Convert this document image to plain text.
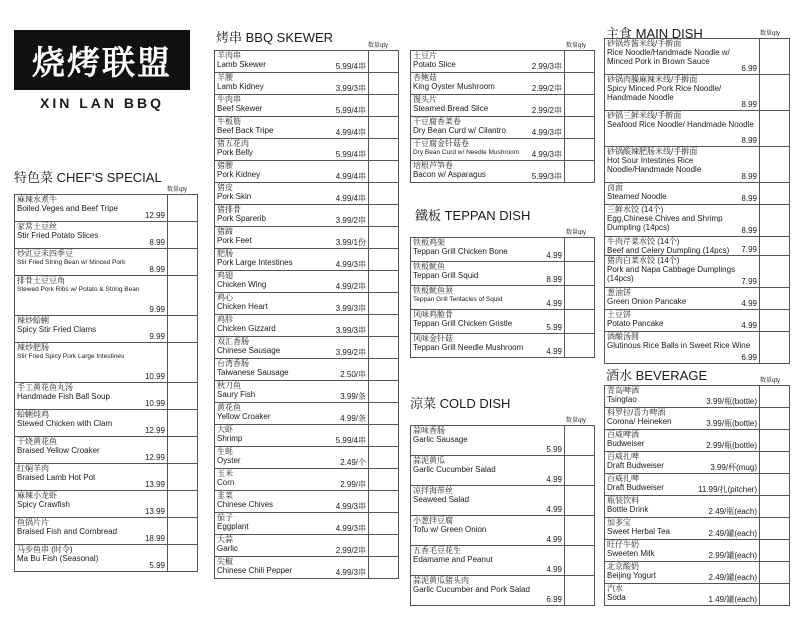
烧烤联盟
XIN LAN BBQ
特色菜 CHEF'S SPECIAL
数量qty
麻辣水煮牛
Boiled Veges and Beef Tripe
12.99	

家常土豆丝
Stir Fried Potato Slices
8.99	

炒豇豆末四季豆
Stir Fried String Bean w/ Minced Pork
8.99	

排骨土豆豆角
Stewed Pork Ribs w/ Potato & String Bean
9.99	

辣炒蛤蜊
Spicy Stir Fried Clams
9.99	

辣炒肥肠
Stir Fried Spicy Pork Large Intestines
10.99	

手工黄花鱼丸汤
Handmade Fish Ball Soup
10.99	

蛤蜊炖鸡
Stewed Chicken with Clam
12.99	

干烧黄花鱼
Braised Yellow Croaker
12.99	

红焖羊肉
Braised Lamb Hot Pot
13.99	

麻辣小龙虾
Spicy Crawfish
13.99	

鱼锅片片
Braised Fish and Cornbread
18.99	

马步鱼串 (时令)
Ma Bu Fish (Seasonal)
5.99	

烤串 BBQ SKEWER
数量qty
羊肉串
Lamb Skewer 5.99/4串	

羊腰
Lamb Kidney 3.99/3串	

牛肉串
Beef Skewer 5.99/4串	

牛板筋
Beef Back Tripe 4.99/4串	

猪五花肉
Pork Belly 5.99/4串	

猪腰
Pork Kidney 4.99/4串	

猪皮
Pork Skin 4.99/4串	

猪排骨
Pork Sparerib 3.99/2串	

猪蹄
Pork Feet 3.99/1份	

肥肠
Pork Large Intestines 4.99/3串	

鸡翅
Chicken Wing 4.99/2串	

鸡心
Chicken Heart 3.99/3串	

鸡胗
Chicken Gizzard 3.99/3串	

双汇香肠
Chinese Sausage 3.99/2串	

台湾香肠
Taiwanese Sausage 2.50/串	

秋刀鱼
Saury Fish 3.99/条	

黄花鱼
Yellow Croaker 4.99/条	

大虾
Shrimp 5.99/4串	

生蚝
Oyster 2.49/个	

玉米
Corn 2.99/串	

韭菜
Chinese Chives 4.99/3串	

茄子
Eggplant 4.99/3串	

大蒜
Garlic 2.99/2串	

尖椒
Chinese Chili Pepper 4.99/3串	

数量qty
土豆片
Potato Slice 2.99/3串	

杏鲍菇
King Oyster Mushroom 2.99/2串	

馒头片
Steamed Bread Slice 2.99/2串	

干豆腐香菜卷
Dry Bean Curd w/ Cilantro 4.99/3串	

干豆腐金针菇卷
Dry Bean Curd w/ Needle Mushroom 4.99/3串	

培根芦笋卷
Bacon w/ Asparagus 5.99/3串	

鐵板 TEPPAN DISH
数量qty
铁板鸡架
Teppan Grill Chicken Bone 4.99	

铁板鱿鱼
Teppan Grill Squid 8.99	

铁板鱿鱼须
Teppan Grill Tentacles of Squid 4.99	

风味鸡脆骨
Teppan Grill Chicken Gristle 5.99	

风味金针菇
Teppan Grill Needle Mushroom 4.99	

涼菜 COLD DISH
数量qty
蒜味香肠
Garlic Sausage
5.99	

蒜泥黄瓜
Garlic Cucumber Salad
4.99	

凉拌海带丝
Seaweed Salad
4.99	

小葱拌豆腐
Tofu w/ Green Onion
4.99	

五香毛豆花生
Edamame and Peanut
4.99	

蒜泥黄瓜猪头肉
Garlic Cucumber and Pork Salad
6.99	

主食 MAIN DISH	数量qty
砂锅炸酱米线/手擀面
Rice Noodle/Handmade Noodle w/ Minced Pork in Brown Sauce
6.99	

砂锅肉臊麻辣米线/手擀面
Spicy Minced Pork Rice Noodle/ Handmade Noodle
8.99	

砂锅三鲜米线/手擀面
Seafood Rice Noodle/ Handmade Noodle
8.99	

砂锅酸辣肥肠米线/手擀面
Hot Sour Intestines Rice Noodle/Handmade Noodle
8.99	

卤面
Steamed Noodle 8.99	

三鲜水饺 (14个)
Egg,Chinese Chives and Shrimp Dumpling (14pcs) 8.99	

牛肉芹菜水饺 (14个)
Beef and Celery Dumpling (14pcs) 7.99	

猪肉白菜水饺 (14个)
Pork and Napa Cabbage Dumplings (14pcs) 7.99	

葱油饼
Green Onion Pancake 4.99	

土豆饼
Potato Pancake 4.99	

酒酿汤圆
Glutinous Rice Balls in Sweet Rice Wine
6.99	

酒水 BEVERAGE	数量qty
青岛啤酒
Tsingtao 3.99/瓶(bottle)	

科罗拉/喜力啤酒
Corona/ Heineken 3.99/瓶(bottle)	

百威啤酒
Budweiser 2.99/瓶(bottle)	

百威扎啤
Draft Budweiser 3.99/杯(mug)	

百威扎啤
Draft Budweiser 11.99/扎(pitcher)	

瓶装饮料
Bottle Drink 2.49/瓶(each)	

加多宝
Sweet Herbal Tea 2.49/罐(each)	

旺仔牛奶
Sweeten Milk 2.99/罐(each)	

北京酸奶
Beijing Yogurt 2.49/罐(each)	

汽水
Soda 1.49/罐(each)	
